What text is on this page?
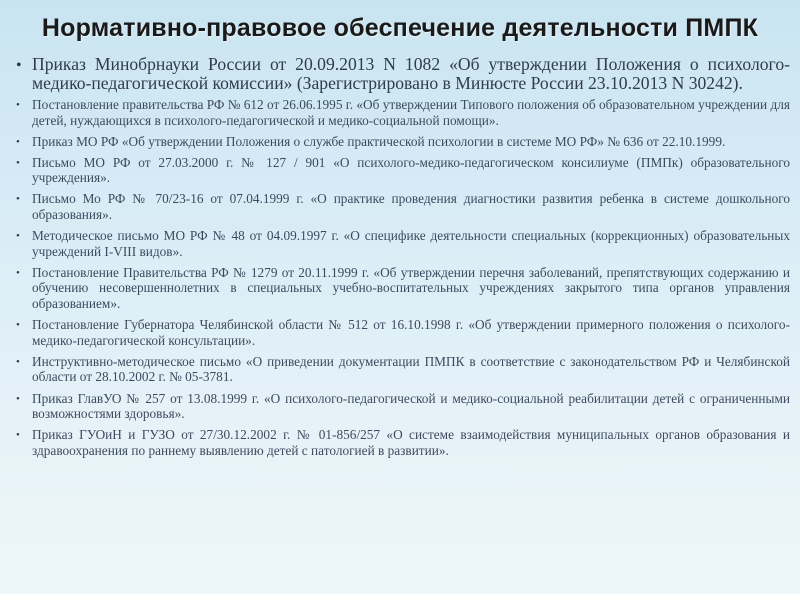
Нормативно-правовое обеспечение деятельности ПМПК
• Приказ Минобрнауки России от 20.09.2013 N 1082 «Об утверждении Положения о психолого-медико-педагогической комиссии» (Зарегистрировано в Минюсте России 23.10.2013 N 30242).
• Постановление правительства РФ № 612 от 26.06.1995 г. «Об утверждении Типового положения об образовательном учреждении для детей, нуждающихся в психолого-педагогической и медико-социальной помощи».
• Приказ МО РФ «Об утверждении Положения о службе практической психологии в системе МО РФ» № 636 от 22.10.1999.
• Письмо МО РФ от 27.03.2000 г. № 127 / 901 «О психолого-медико-педагогическом консилиуме (ПМПк) образовательного учреждения».
• Письмо Мо РФ № 70/23-16 от 07.04.1999 г. «О практике проведения диагностики развития ребенка в системе дошкольного образования».
• Методическое письмо МО РФ № 48 от 04.09.1997 г. «О специфике деятельности специальных (коррекционных) образовательных учреждений I-VIII видов».
• Постановление Правительства РФ № 1279 от 20.11.1999 г. «Об утверждении перечня заболеваний, препятствующих содержанию и обучению несовершеннолетних в специальных учебно-воспитательных учреждениях закрытого типа органов управления образованием».
• Постановление Губернатора Челябинской области № 512 от 16.10.1998 г. «Об утверждении примерного положения о психолого-медико-педагогической консультации».
• Инструктивно-методическое письмо «О приведении документации ПМПК в соответствие с законодательством РФ и Челябинской области от 28.10.2002 г. № 05-3781.
• Приказ ГлавУО № 257 от 13.08.1999 г. «О психолого-педагогической и медико-социальной реабилитации детей с ограниченными возможностями здоровья».
• Приказ ГУОиН и ГУЗО от 27/30.12.2002 г. № 01-856/257 «О системе взаимодействия муниципальных органов образования и здравоохранения по раннему выявлению детей с патологией в развитии».
